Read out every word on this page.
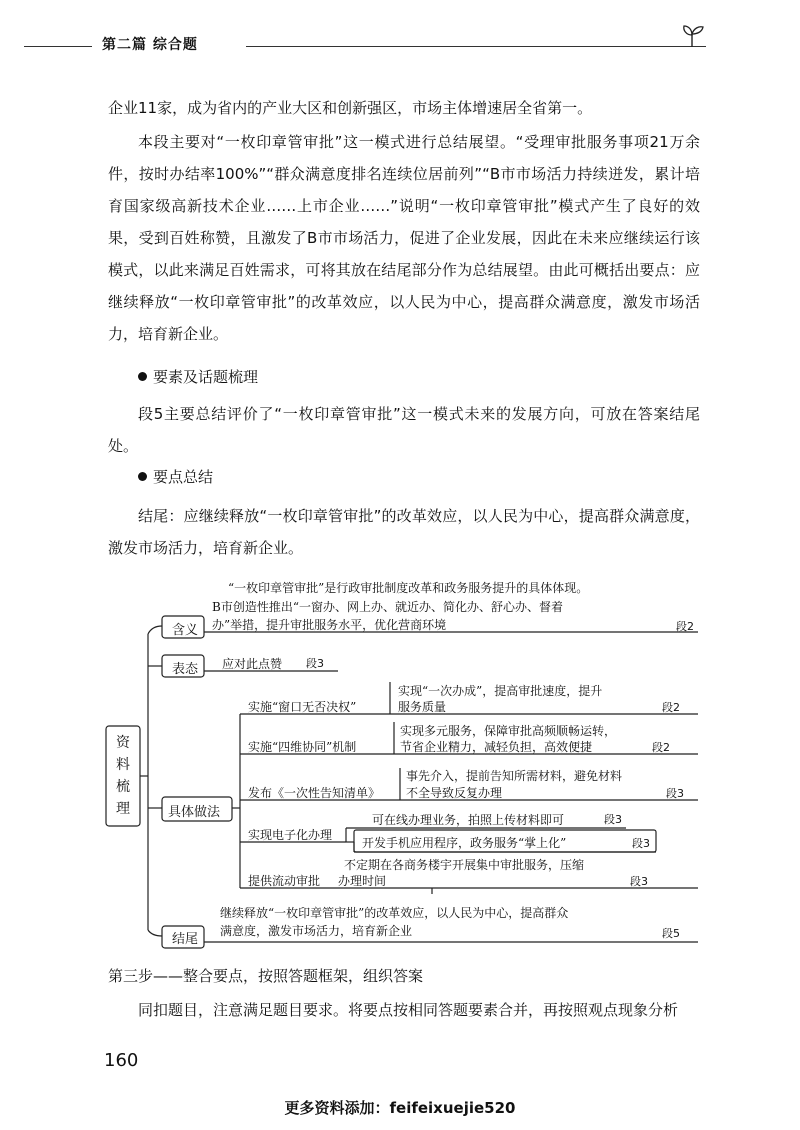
第二篇 综合题
企业11家，成为省内的产业大区和创新强区，市场主体增速居全省第一。
本段主要对“一枚印章管审批”这一模式进行总结展望。“受理审批服务事项21万余件，按时办结率100%”“群众满意度排名连续位居前列”“B市市场活力持续迸发，累计培育国家级高新技术企业……上市企业……”说明“一枚印章管审批”模式产生了良好的效果，受到百姓称赞，且激发了B市市场活力，促进了企业发展，因此在未来应继续运行该模式，以此来满足百姓需求，可将其放在结尾部分作为总结展望。由此可概括出要点：应继续释放“一枚印章管审批”的改革效应，以人民为中心，提高群众满意度，激发市场活力，培育新企业。
要素及话题梳理
段5主要总结评价了“一枚印章管审批”这一模式未来的发展方向，可放在答案结尾处。
要点总结
结尾：应继续释放“一枚印章管审批”的改革效应，以人民为中心，提高群众满意度，激发市场活力，培育新企业。
资料梳理
含义
“一枚印章管审批”是行政审批制度改革和政务服务提升的具体体现。
B市创造性推出“一窗办、网上办、就近办、简化办、舒心办、督着
办”举措，提升审批服务水平，优化营商环境	段2
表态 应对此点赞 段3
具体做法
实施“窗口无否决权”
实现“一次办成”，提高审批速度，提升
服务质量	段2
实施“四维协同”机制
实现多元服务，保障审批高频顺畅运转，
节省企业精力，减轻负担，高效便捷	段2
发布《一次性告知清单》
事先介入，提前告知所需材料，避免材料
不全导致反复办理	段3
实现电子化办理
可在线办理业务，拍照上传材料即可	段3
开发手机应用程序，政务服务“掌上化”	段3
不定期在各商务楼宇开展集中审批服务，压缩
提供流动审批 办理时间	段3
结尾
继续释放“一枚印章管审批”的改革效应，以人民为中心，提高群众
满意度，激发市场活力，培育新企业	段5
第三步——整合要点，按照答题框架，组织答案
同扣题目，注意满足题目要求。将要点按相同答题要素合并，再按照观点现象分析
160
更多资料添加：feifeixuejie520
